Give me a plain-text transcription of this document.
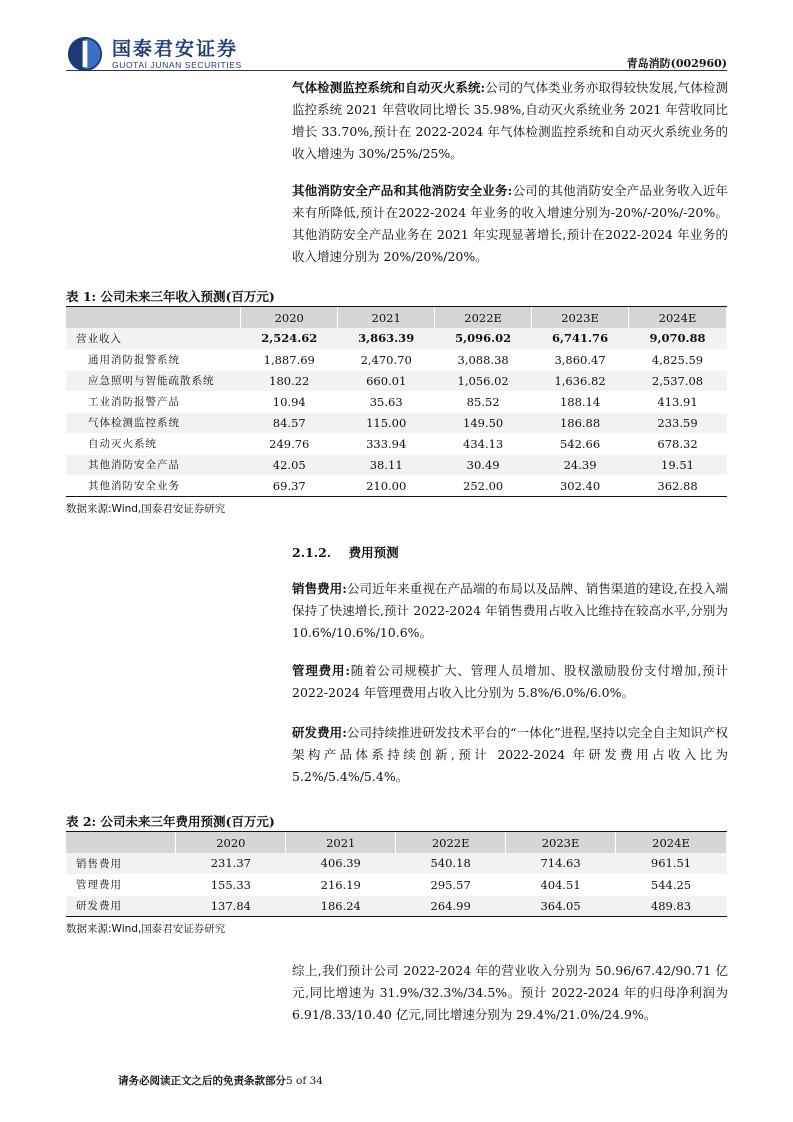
国泰君安证券
GUOTAI JUNAN SECURITIES	青岛消防(002960)
气体检测监控系统和自动灭火系统:公司的气体类业务亦取得较快发展,气体检测监控系统 2021 年营收同比增长 35.98%,自动灭火系统业务 2021 年营收同比增长 33.70%,预计在 2022-2024 年气体检测监控系统和自动灭火系统业务的收入增速为 30%/25%/25%。
其他消防安全产品和其他消防安全业务:公司的其他消防安全产品业务收入近年来有所降低,预计在2022-2024 年业务的收入增速分别为-20%/-20%/-20%。其他消防安全产品业务在 2021 年实现显著增长,预计在2022-2024 年业务的收入增速分别为 20%/20%/20%。
表 1: 公司未来三年收入预测(百万元)
	2020	2021	2022E	2023E	2024E
营业收入	2,524.62	3,863.39	5,096.02	6,741.76	9,070.88
通用消防报警系统	1,887.69	2,470.70	3,088.38	3,860.47	4,825.59
应急照明与智能疏散系统	180.22	660.01	1,056.02	1,636.82	2,537.08
工业消防报警产品	10.94	35.63	85.52	188.14	413.91
气体检测监控系统	84.57	115.00	149.50	186.88	233.59
自动灭火系统	249.76	333.94	434.13	542.66	678.32
其他消防安全产品	42.05	38.11	30.49	24.39	19.51
其他消防安全业务	69.37	210.00	252.00	302.40	362.88
数据来源:Wind,国泰君安证券研究
2.1.2. 费用预测
销售费用:公司近年来重视在产品端的布局以及品牌、销售渠道的建设,在投入端保持了快速增长,预计 2022-2024 年销售费用占收入比维持在较高水平,分别为 10.6%/10.6%/10.6%。
管理费用:随着公司规模扩大、管理人员增加、股权激励股份支付增加,预计 2022-2024 年管理费用占收入比分别为 5.8%/6.0%/6.0%。
研发费用:公司持续推进研发技术平台的“一体化”进程,坚持以完全自主知识产权架构产品体系持续创新,预计 2022-2024 年研发费用占收入比为 5.2%/5.4%/5.4%。
表 2: 公司未来三年费用预测(百万元)
	2020	2021	2022E	2023E	2024E
销售费用	231.37	406.39	540.18	714.63	961.51
管理费用	155.33	216.19	295.57	404.51	544.25
研发费用	137.84	186.24	264.99	364.05	489.83
数据来源:Wind,国泰君安证券研究
综上,我们预计公司 2022-2024 年的营业收入分别为 50.96/67.42/90.71 亿元,同比增速为 31.9%/32.3%/34.5%。预计 2022-2024 年的归母净利润为 6.91/8.33/10.40 亿元,同比增速分别为 29.4%/21.0%/24.9%。
请务必阅读正文之后的免责条款部分5 of 34
